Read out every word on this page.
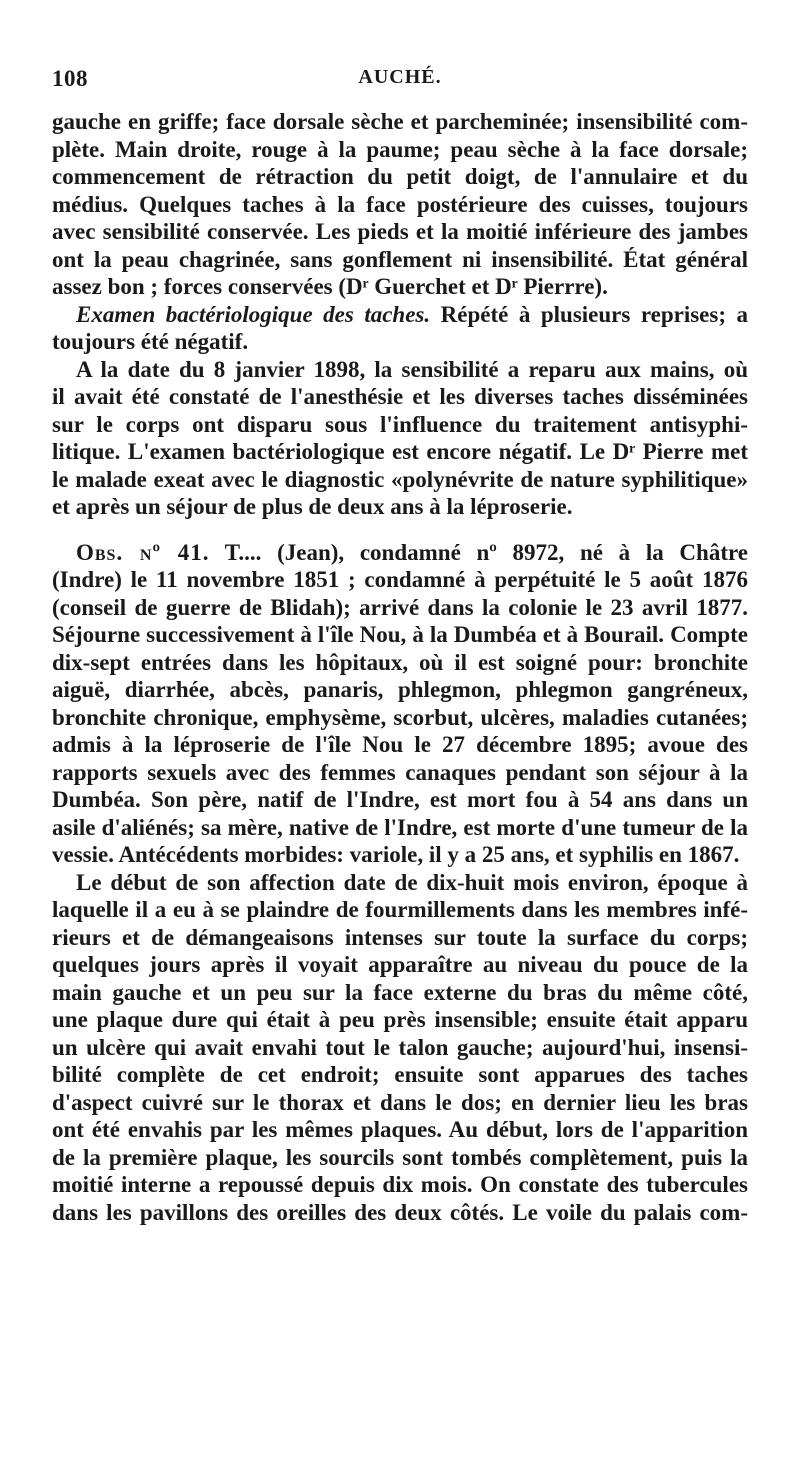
108	AUCHÉ.

gauche en griffe; face dorsale sèche et parcheminée; insensibilité com-
plète. Main droite, rouge à la paume; peau sèche à la face dorsale;
commencement de rétraction du petit doigt, de l'annulaire et du
médius. Quelques taches à la face postérieure des cuisses, toujours
avec sensibilité conservée. Les pieds et la moitié inférieure des jambes
ont la peau chagrinée, sans gonflement ni insensibilité. État général
assez bon ; forces conservées (Dʳ Guerchet et Dʳ Pierrre).

Examen bactériologique des taches. Répété à plusieurs reprises; a
toujours été négatif.

A la date du 8 janvier 1898, la sensibilité a reparu aux mains, où
il avait été constaté de l'anesthésie et les diverses taches disséminées
sur le corps ont disparu sous l'influence du traitement antisyphi-
litique. L'examen bactériologique est encore négatif. Le Dʳ Pierre met
le malade exeat avec le diagnostic «polynévrite de nature syphilitique»
et après un séjour de plus de deux ans à la léproserie.

Obs. nº 41. T.... (Jean), condamné nº 8972, né à la Châtre
(Indre) le 11 novembre 1851 ; condamné à perpétuité le 5 août 1876
(conseil de guerre de Blidah); arrivé dans la colonie le 23 avril 1877.
Séjourne successivement à l'île Nou, à la Dumbéa et à Bourail. Compte
dix-sept entrées dans les hôpitaux, où il est soigné pour: bronchite
aiguë, diarrhée, abcès, panaris, phlegmon, phlegmon gangréneux,
bronchite chronique, emphysème, scorbut, ulcères, maladies cutanées;
admis à la léproserie de l'île Nou le 27 décembre 1895; avoue des
rapports sexuels avec des femmes canaques pendant son séjour à la
Dumbéa. Son père, natif de l'Indre, est mort fou à 54 ans dans un
asile d'aliénés; sa mère, native de l'Indre, est morte d'une tumeur de la
vessie. Antécédents morbides: variole, il y a 25 ans, et syphilis en 1867.

Le début de son affection date de dix-huit mois environ, époque à
laquelle il a eu à se plaindre de fourmillements dans les membres infé-
rieurs et de démangeaisons intenses sur toute la surface du corps;
quelques jours après il voyait apparaître au niveau du pouce de la
main gauche et un peu sur la face externe du bras du même côté,
une plaque dure qui était à peu près insensible; ensuite était apparu
un ulcère qui avait envahi tout le talon gauche; aujourd'hui, insensi-
bilité complète de cet endroit; ensuite sont apparues des taches
d'aspect cuivré sur le thorax et dans le dos; en dernier lieu les bras
ont été envahis par les mêmes plaques. Au début, lors de l'apparition
de la première plaque, les sourcils sont tombés complètement, puis la
moitié interne a repoussé depuis dix mois. On constate des tubercules
dans les pavillons des oreilles des deux côtés. Le voile du palais com-
